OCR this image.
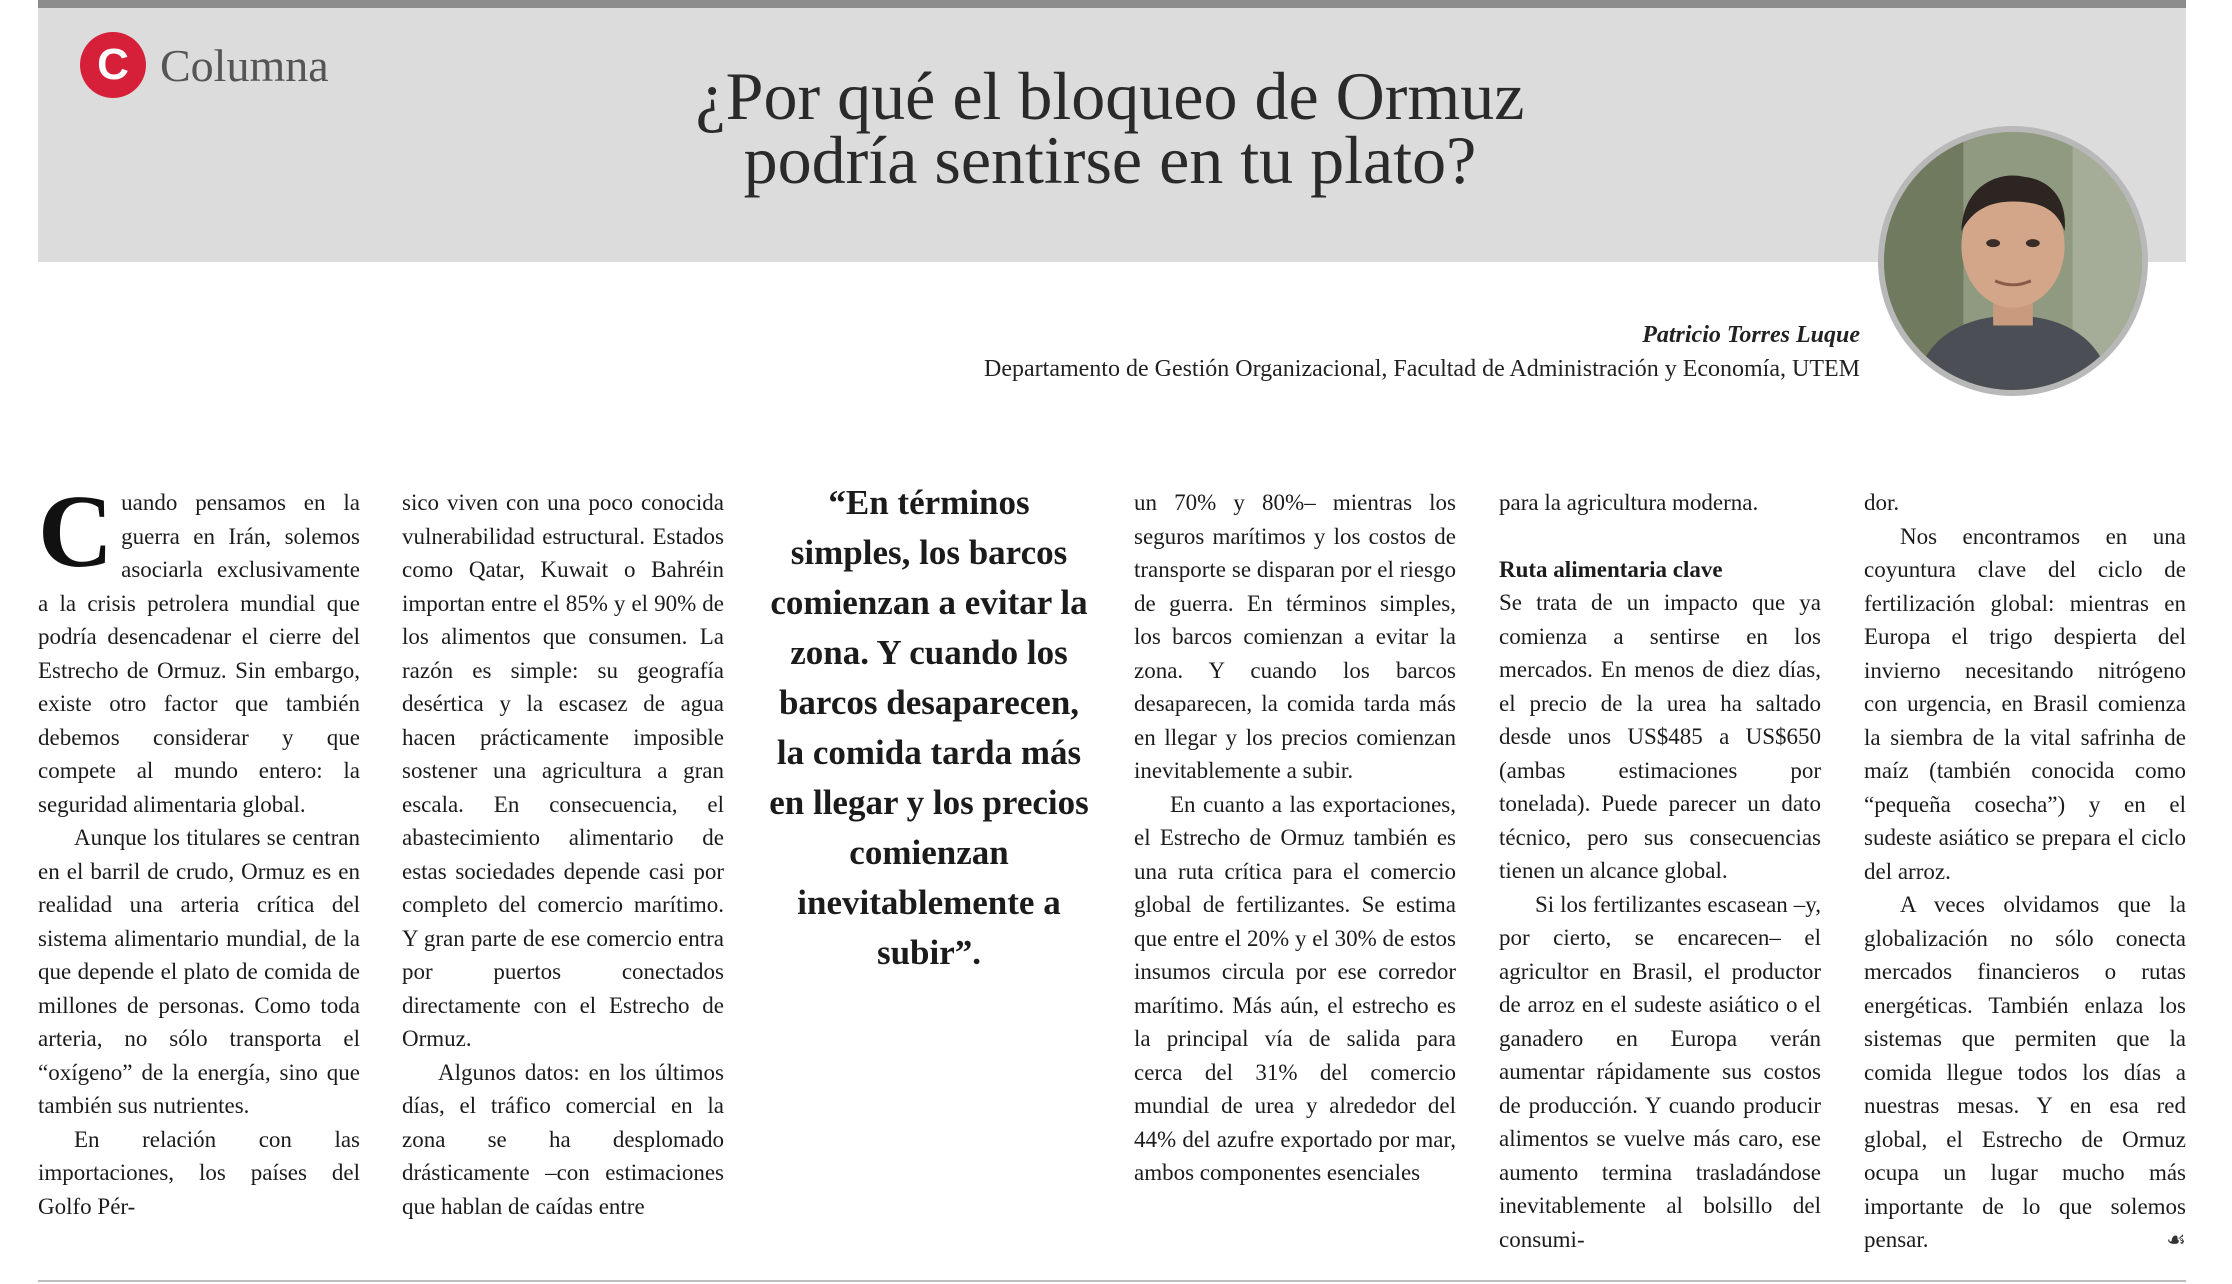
C Columna	¿Por qué el bloqueo de Ormuz
podría sentirse en tu plato?
Patricio Torres Luque
Departamento de Gestión Organizacional, Facultad de Administración y Economía, UTEM

Cuando pensamos en la guerra en Irán, solemos asociarla exclusivamente a la crisis petrolera mundial que podría desencadenar el cierre del Estrecho de Ormuz. Sin embargo, existe otro factor que también debemos considerar y que compete al mundo entero: la seguridad alimentaria global.

Aunque los titulares se centran en el barril de crudo, Ormuz es en realidad una arteria crítica del sistema alimentario mundial, de la que depende el plato de comida de millones de personas. Como toda arteria, no sólo transporta el “oxígeno” de la energía, sino que también sus nutrientes.

En relación con las importaciones, los países del Golfo Pér-

sico viven con una poco conocida vulnerabilidad estructural. Estados como Qatar, Kuwait o Bahréin importan entre el 85% y el 90% de los alimentos que consumen. La razón es simple: su geografía desértica y la escasez de agua hacen prácticamente imposible sostener una agricultura a gran escala. En consecuencia, el abastecimiento alimentario de estas sociedades depende casi por completo del comercio marítimo. Y gran parte de ese comercio entra por puertos conectados directamente con el Estrecho de Ormuz.

Algunos datos: en los últimos días, el tráfico comercial en la zona se ha desplomado drásticamente –con estimaciones que hablan de caídas entre

“En términos simples, los barcos comienzan a evitar la zona. Y cuando los barcos desaparecen, la comida tarda más en llegar y los precios comienzan inevitablemente a subir”.

un 70% y 80%– mientras los seguros marítimos y los costos de transporte se disparan por el riesgo de guerra. En términos simples, los barcos comienzan a evitar la zona. Y cuando los barcos desaparecen, la comida tarda más en llegar y los precios comienzan inevitablemente a subir.

En cuanto a las exportaciones, el Estrecho de Ormuz también es una ruta crítica para el comercio global de fertilizantes. Se estima que entre el 20% y el 30% de estos insumos circula por ese corredor marítimo. Más aún, el estrecho es la principal vía de salida para cerca del 31% del comercio mundial de urea y alrededor del 44% del azufre exportado por mar, ambos componentes esenciales

para la agricultura moderna.

Ruta alimentaria clave

Se trata de un impacto que ya comienza a sentirse en los mercados. En menos de diez días, el precio de la urea ha saltado desde unos US$485 a US$650 (ambas estimaciones por tonelada). Puede parecer un dato técnico, pero sus consecuencias tienen un alcance global.

Si los fertilizantes escasean –y, por cierto, se encarecen– el agricultor en Brasil, el productor de arroz en el sudeste asiático o el ganadero en Europa verán aumentar rápidamente sus costos de producción. Y cuando producir alimentos se vuelve más caro, ese aumento termina trasladándose inevitablemente al bolsillo del consumi-

dor.

Nos encontramos en una coyuntura clave del ciclo de fertilización global: mientras en Europa el trigo despierta del invierno necesitando nitrógeno con urgencia, en Brasil comienza la siembra de la vital safrinha de maíz (también conocida como “pequeña cosecha”) y en el sudeste asiático se prepara el ciclo del arroz.

A veces olvidamos que la globalización no sólo conecta mercados financieros o rutas energéticas. También enlaza los sistemas que permiten que la comida llegue todos los días a nuestras mesas. Y en esa red global, el Estrecho de Ormuz ocupa un lugar mucho más importante de lo que solemos pensar.	☙
